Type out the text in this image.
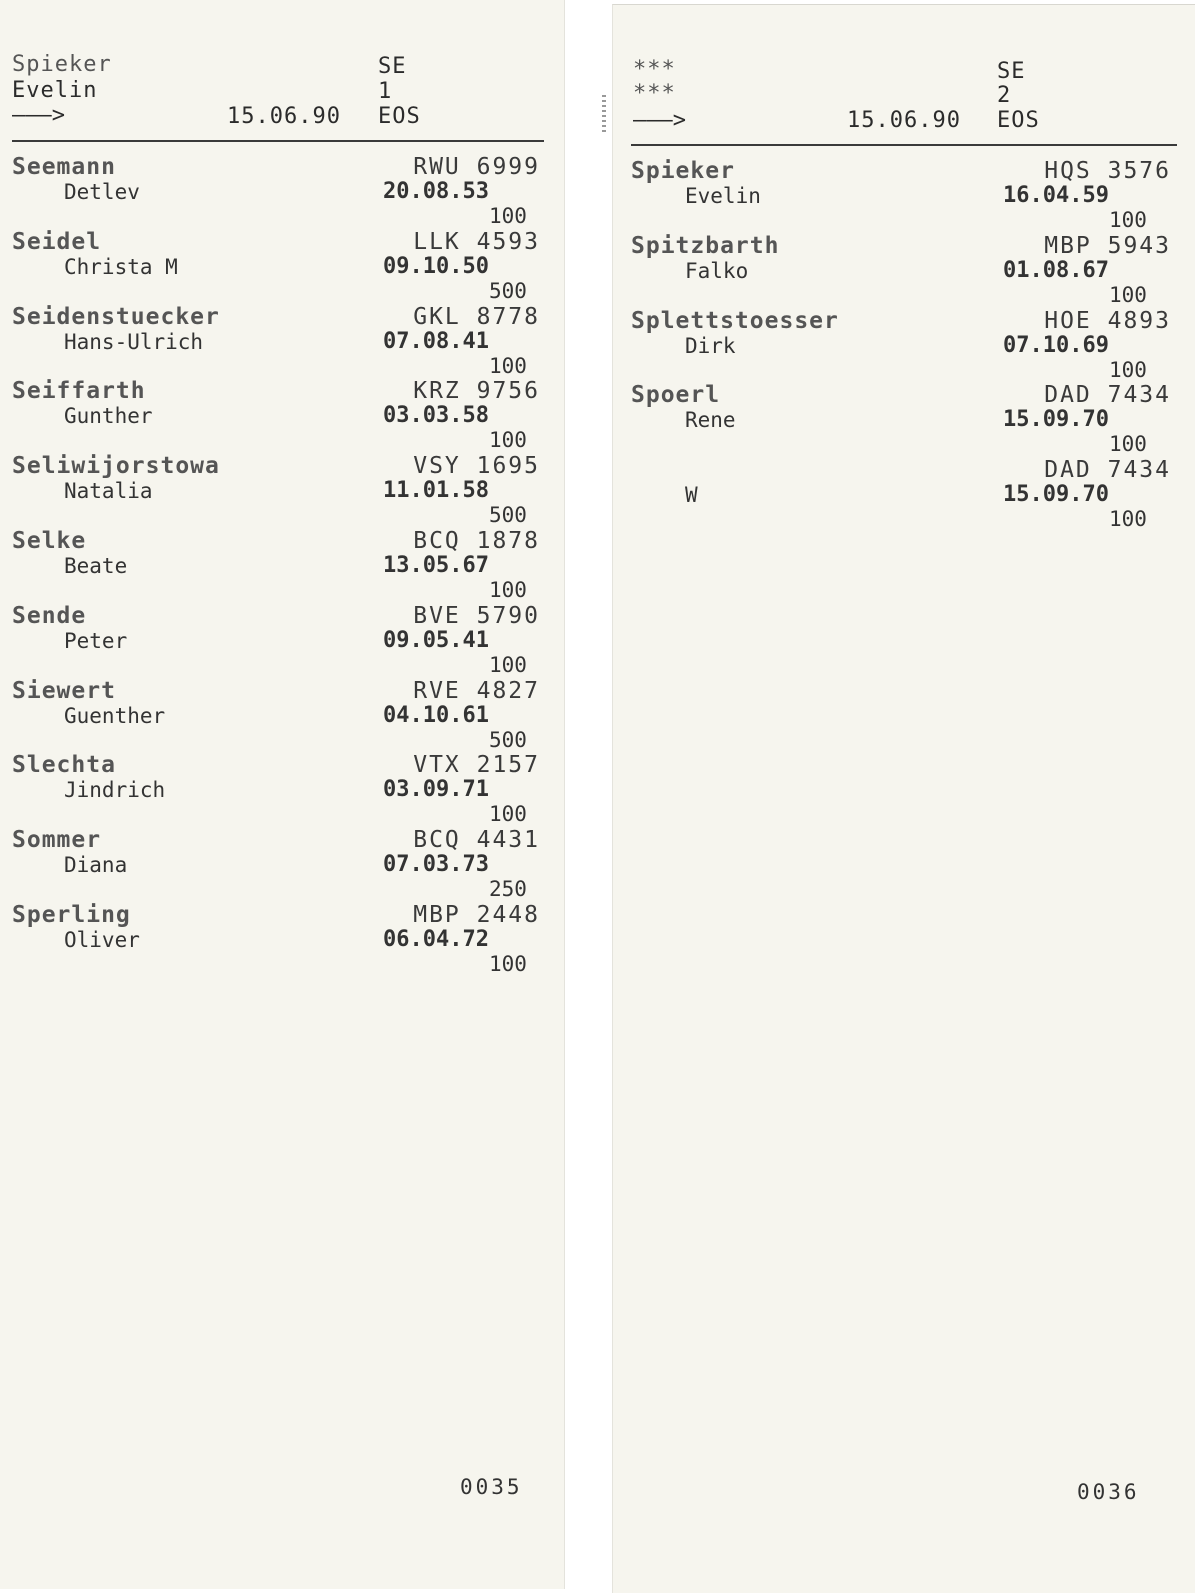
Spieker
Evelin
———>	15.06.90
SE
1
EOS
Seemann
Detlev
RWU 6999
20.08.53
100
Seidel
Christa M
LLK 4593
09.10.50
500
Seidenstuecker
Hans-Ulrich
GKL 8778
07.08.41
100
Seiffarth
Gunther
KRZ 9756
03.03.58
100
Seliwijorstowa
Natalia
VSY 1695
11.01.58
500
Selke
Beate
BCQ 1878
13.05.67
100
Sende
Peter
BVE 5790
09.05.41
100
Siewert
Guenther
RVE 4827
04.10.61
500
Slechta
Jindrich
VTX 2157
03.09.71
100
Sommer
Diana
BCQ 4431
07.03.73
250
Sperling
Oliver
MBP 2448
06.04.72
100
0035
***
***
———>	15.06.90
SE
2
EOS
Spieker
Evelin
HQS 3576
16.04.59
100
Spitzbarth
Falko
MBP 5943
01.08.67
100
Splettstoesser
Dirk
HOE 4893
07.10.69
100
Spoerl
Rene
DAD 7434
15.09.70
100
W
DAD 7434
15.09.70
100
0036
